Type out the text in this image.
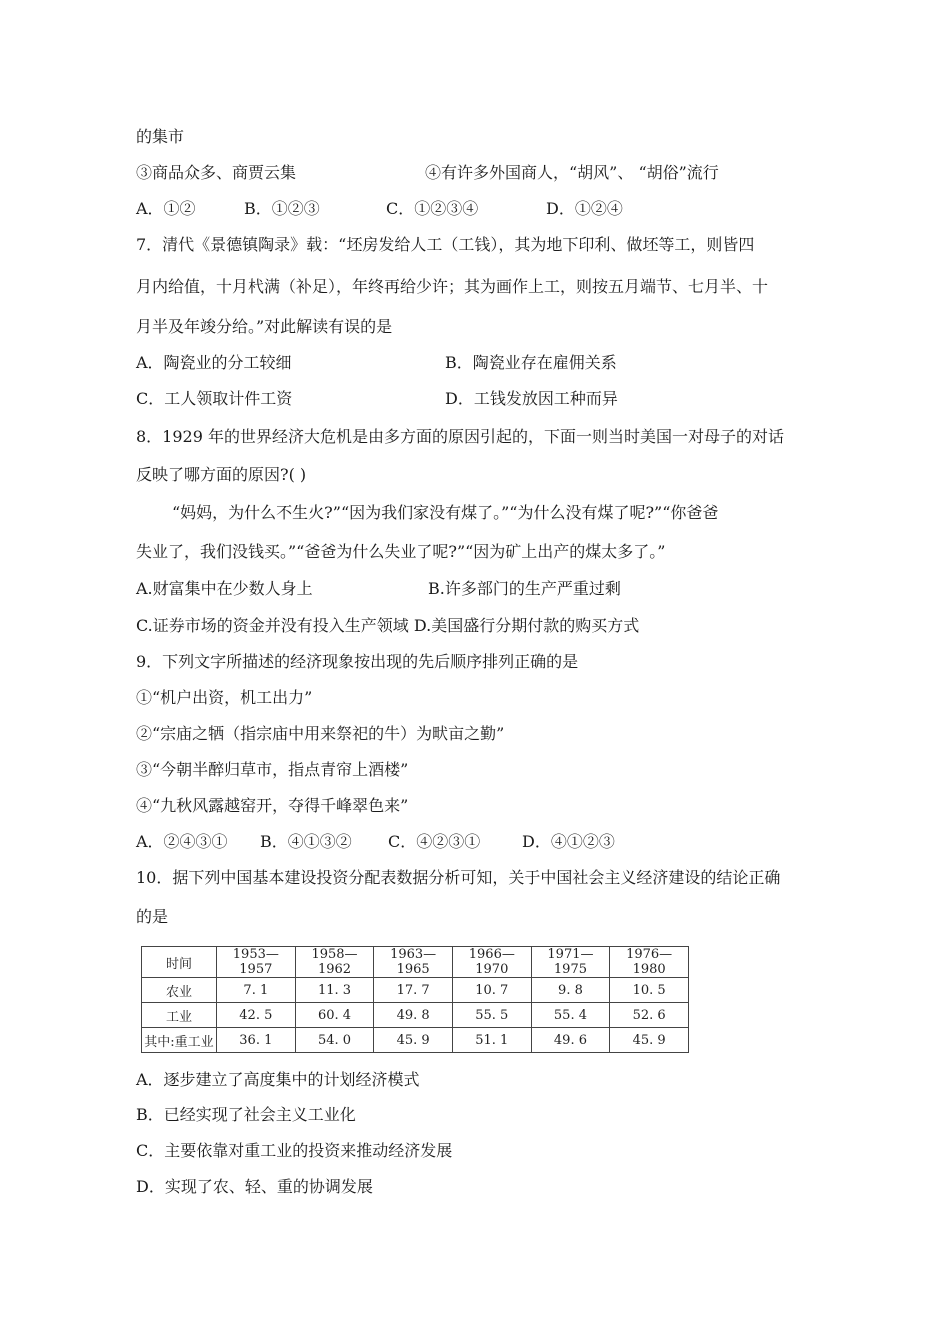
的集市
③商品众多、商贾云集	④有许多外国商人，“胡风”、 “胡俗”流行
A．①②	B．①②③	C．①②③④	D．①②④
7．清代《景德镇陶录》载：“坯房发给人工（工钱），其为地下印利、做坯等工，则皆四
月内给值，十月杙满（补足），年终再给少许；其为画作上工，则按五月端节、七月半、十
月半及年竣分给。”对此解读有误的是
A．陶瓷业的分工较细	B．陶瓷业存在雇佣关系
C．工人领取计件工资	D．工钱发放因工种而异
8．1929 年的世界经济大危机是由多方面的原因引起的，下面一则当时美国一对母子的对话
反映了哪方面的原因?( )
“妈妈，为什么不生火?”“因为我们家没有煤了。”“为什么没有煤了呢?”“你爸爸
失业了，我们没钱买。”“爸爸为什么失业了呢?”“因为矿上出产的煤太多了。”
A.财富集中在少数人身上	B.许多部门的生产严重过剩
C.证券市场的资金并没有投入生产领域 D.美国盛行分期付款的购买方式
9．下列文字所描述的经济现象按出现的先后顺序排列正确的是
①“机户出资，机工出力”
②“宗庙之牺（指宗庙中用来祭祀的牛）为畎亩之勤”
③“今朝半醉归草市，指点青帘上酒楼”
④“九秋风露越窑开，夺得千峰翠色来”
A．②④③① B．④①③② C．④②③①	D．④①②③
10．据下列中国基本建设投资分配表数据分析可知，关于中国社会主义经济建设的结论正确
的是
时间	1953—1957	1958—1962	1963—1965	1966—1970	1971—1975	1976—1980
农业	7. 1	11. 3	17. 7	10. 7	9. 8	10. 5
工业	42. 5	60. 4	49. 8	55. 5	55. 4	52. 6
其中:重工业	36. 1	54. 0	45. 9	51. 1	49. 6	45. 9
A．逐步建立了高度集中的计划经济模式
B．已经实现了社会主义工业化
C．主要依靠对重工业的投资来推动经济发展
D．实现了农、轻、重的协调发展
